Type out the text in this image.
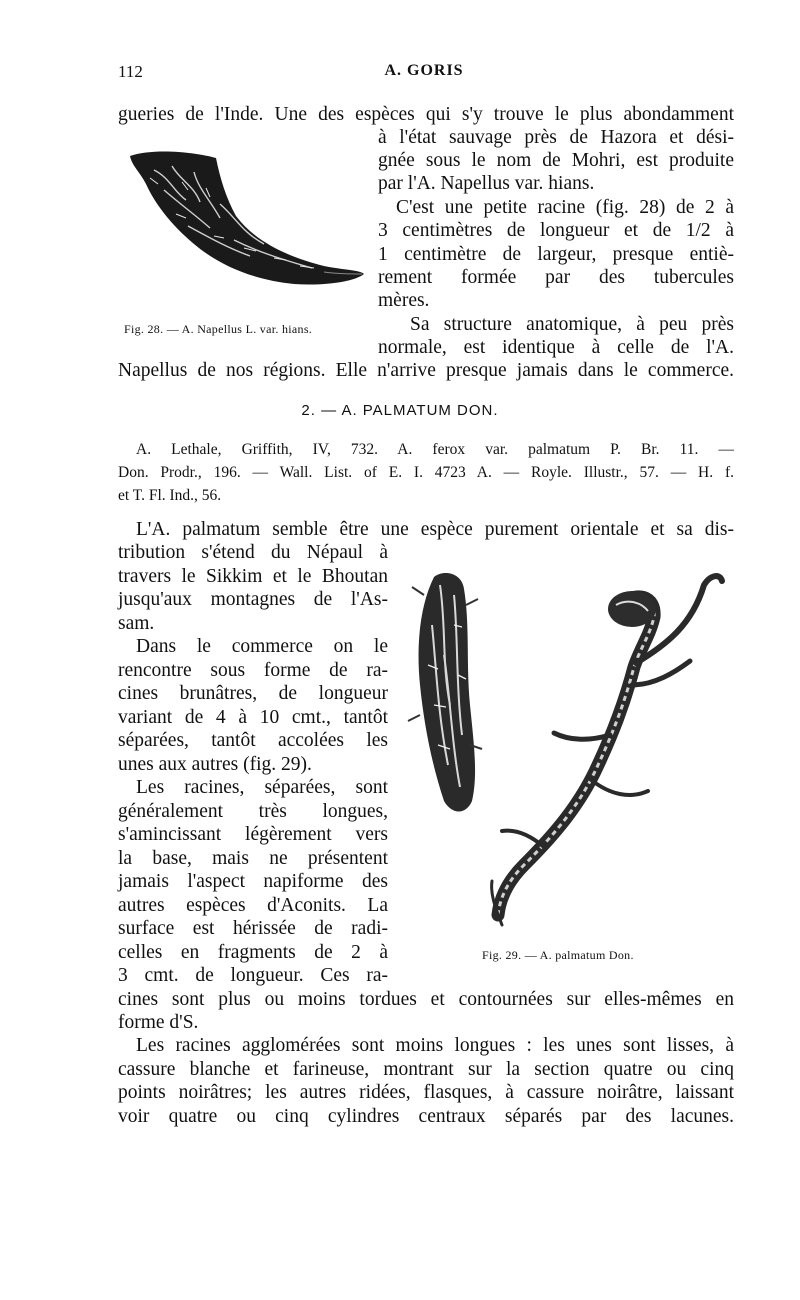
112	A. GORIS
Fig. 28. — A. Napellus L. var. hians.
gueries de l'Inde. Une des espèces qui s'y trouve le plus abondamment
à l'état sauvage près de Hazora et dési-
gnée sous le nom de Mohri, est produite
par l'A. Napellus var. hians.
C'est une petite racine (fig. 28) de 2 à
3 centimètres de longueur et de 1/2 à
1 centimètre de largeur, presque entiè-
rement formée par des tubercules
mères.
Sa structure anatomique, à peu près
normale, est identique à celle de l'A.
Napellus de nos régions. Elle n'arrive presque jamais dans le commerce.
2. — A. PALMATUM DON.
A. Lethale, Griffith, IV, 732. A. ferox var. palmatum P. Br. 11. —
Don. Prodr., 196. — Wall. List. of E. I. 4723 A. — Royle. Illustr., 57. — H. f.
et T. Fl. Ind., 56.
L'A. palmatum semble être une espèce purement orientale et sa dis-
tribution s'étend du Népaul à
travers le Sikkim et le Bhoutan
jusqu'aux montagnes de l'As-
sam.
Dans le commerce on le
rencontre sous forme de ra-
cines brunâtres, de longueur
variant de 4 à 10 cmt., tantôt
séparées, tantôt accolées les
unes aux autres (fig. 29).
Les racines, séparées, sont
généralement très longues,
s'amincissant légèrement vers
la base, mais ne présentent
jamais l'aspect napiforme des
autres espèces d'Aconits. La
surface est hérissée de radi-
celles en fragments de 2 à
3 cmt. de longueur. Ces ra-
cines sont plus ou moins tordues et contournées sur elles-mêmes en
forme d'S.
Fig. 29. — A. palmatum Don.
Les racines agglomérées sont moins longues : les unes sont lisses, à
cassure blanche et farineuse, montrant sur la section quatre ou cinq
points noirâtres; les autres ridées, flasques, à cassure noirâtre, laissant
voir quatre ou cinq cylindres centraux séparés par des lacunes.
